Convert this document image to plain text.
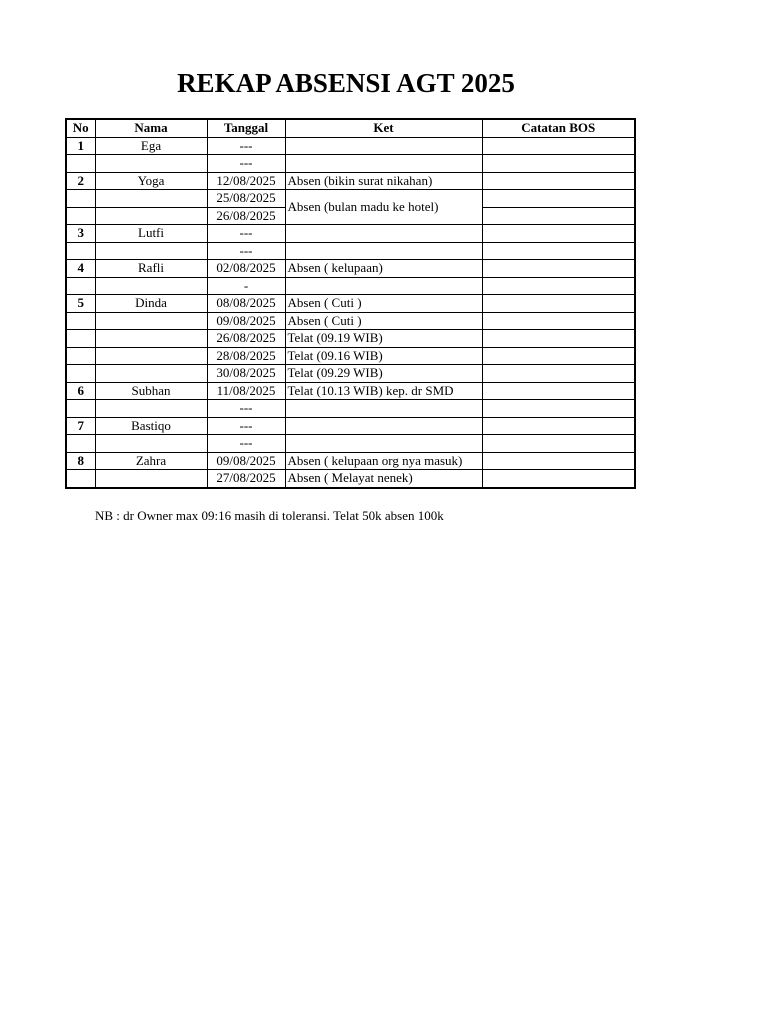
REKAP ABSENSI AGT 2025
No	Nama	Tanggal	Ket	Catatan BOS
1	Ega	---		
		---		
2	Yoga	12/08/2025	Absen (bikin surat nikahan)	
		25/08/2025	Absen (bulan madu ke hotel)	
		26/08/2025		
3	Lutfi	---		
		---		
4	Rafli	02/08/2025	Absen ( kelupaan)	
		-		
5	Dinda	08/08/2025	Absen ( Cuti )	
		09/08/2025	Absen ( Cuti )	
		26/08/2025	Telat (09.19 WIB)	
		28/08/2025	Telat (09.16 WIB)	
		30/08/2025	Telat (09.29 WIB)	
6	Subhan	11/08/2025	Telat (10.13 WIB) kep. dr SMD	
		---		
7	Bastiqo	---		
		---		
8	Zahra	09/08/2025	Absen ( kelupaan org nya masuk)	
		27/08/2025	Absen ( Melayat nenek)	
NB : dr Owner max 09:16 masih di toleransi. Telat 50k absen 100k
